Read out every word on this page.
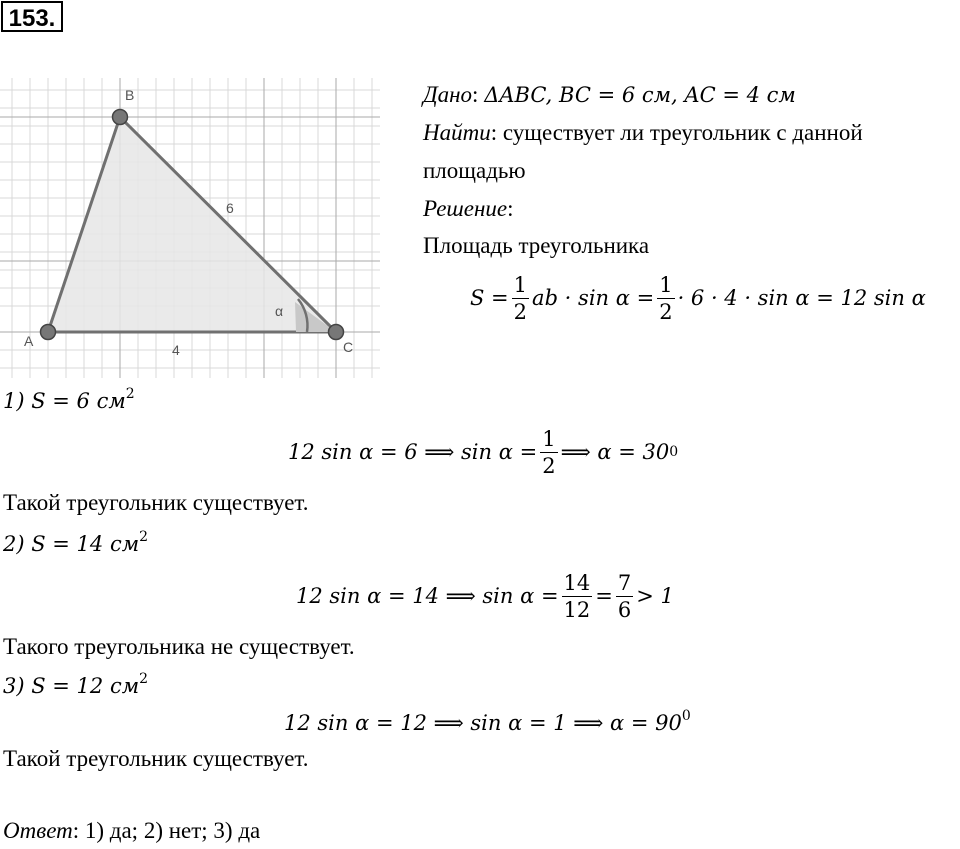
153.
A
B
C
6
4
α
Дано: ΔABC, BC = 6 см, AC = 4 см
Найти: существует ли треугольник с данной
площадью
Решение:
Площадь треугольника
$S = \frac{1}{2}$ ab · $\sin \alpha = \frac{1}{2} \cdot 6 \cdot 4 \cdot \sin \alpha = 12$ sin α
1) S = 6 $см^2$
12 sin α = 6 ⟹ $\sin \alpha = \frac{1}{2}$ ⟹ α = 30 0
Такой треугольник существует.
2) S = 14 $см^2$
12 sin α = 14 ⟹ $\sin \alpha = \frac{14}{12} = \frac{7}{6} > 1$
Такого треугольника не существует.
3) S = 12 $см^2$
12 sin α = 12 ⟹ sin α = 1 ⟹ $\alpha = 90^0$
Такой треугольник существует.
Ответ: 1) да; 2) нет; 3) да
